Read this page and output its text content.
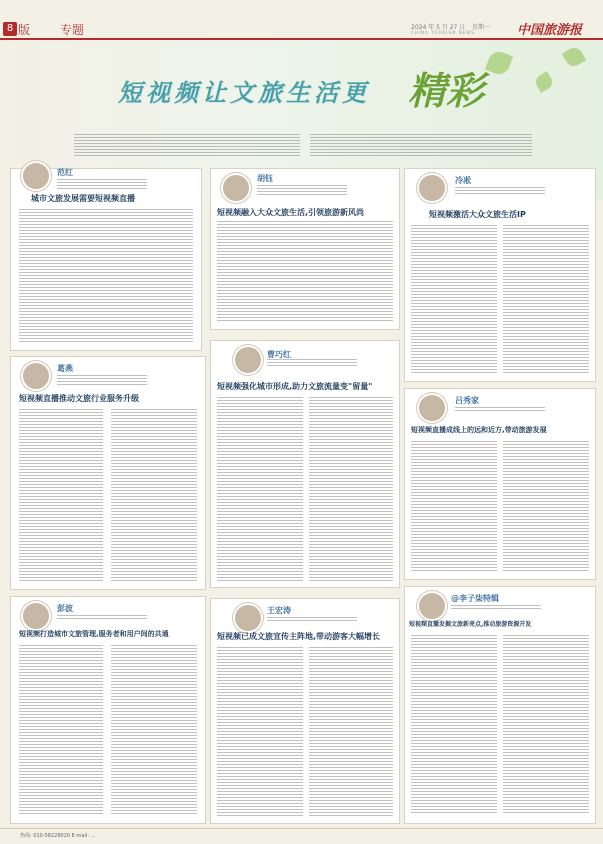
8 版 专题	2024 年 5 月 27 日 星期一
CHINA TOURISM NEWS	中国旅游报
短视频让文旅生活更 精彩
范红
城市文旅发展需要短视频直播
葛燕
短视频直播推动文旅行业服务升级
彭波
短视频打造城市文旅管理,服务者和用户间的共通
胡钰
短视频融入大众文旅生活,引领旅游新风尚
曹巧红
短视频强化城市形成,助力文旅流量变"留量"
王宏涛
短视频已成文旅宣传主阵地,带动游客大幅增长
冷凇
短视频激活大众文旅生活IP
吕秀家
短视频直播成线上的远和近方,带动旅游发展
@李子柒特辑
短视频直播发掘文旅新亮点,推动旅游资源开发
热线: 010-58228020 E-mail: ...
